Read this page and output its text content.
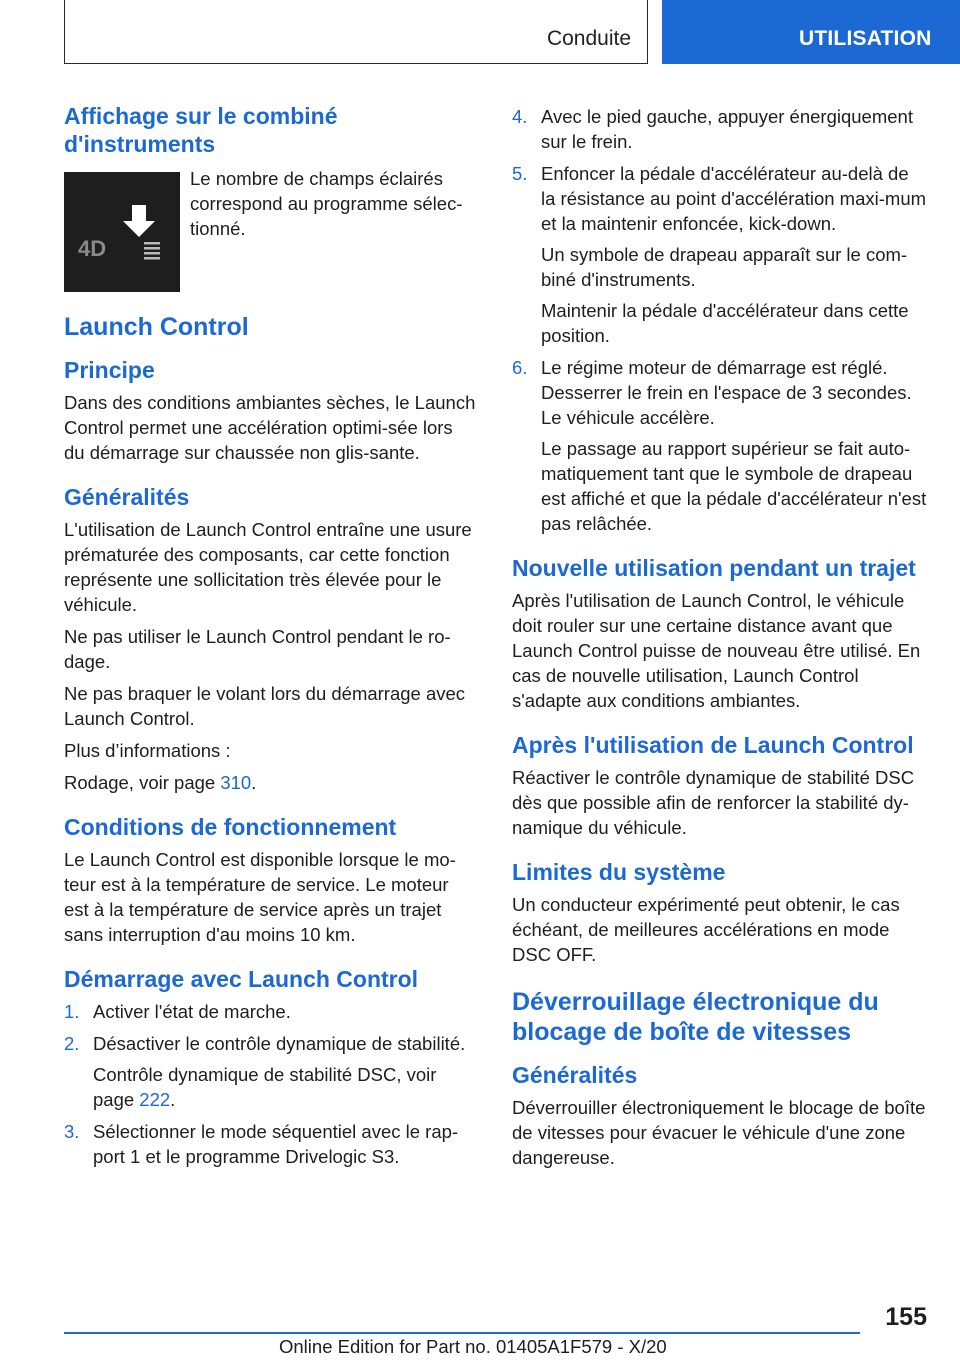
Conduite	UTILISATION
Affichage sur le combiné d'instruments
4D

Le nombre de champs éclairés correspond au programme sélec‐tionné.

Launch Control
Principe

Dans des conditions ambiantes sèches, le Launch Control permet une accélération optimi‐sée lors du démarrage sur chaussée non glis‐sante.

Généralités

L'utilisation de Launch Control entraîne une usure prématurée des composants, car cette fonction représente une sollicitation très élevée pour le véhicule.

Ne pas utiliser le Launch Control pendant le ro‐dage.

Ne pas braquer le volant lors du démarrage avec Launch Control.

Plus d’informations :

Rodage, voir page 310.

Conditions de fonctionnement

Le Launch Control est disponible lorsque le mo‐teur est à la température de service. Le moteur est à la température de service après un trajet sans interruption d'au moins 10 km.

Démarrage avec Launch Control
1. Activer l'état de marche.
2. Désactiver le contrôle dynamique de stabilité.

Contrôle dynamique de stabilité DSC, voir page 222.

3. Sélectionner le mode séquentiel avec le rap‐port 1 et le programme Drivelogic S3.
4. Avec le pied gauche, appuyer énergiquement sur le frein.
5. Enfoncer la pédale d'accélérateur au-delà de la résistance au point d'accélération maxi‐mum et la maintenir enfoncée, kick-down.

Un symbole de drapeau apparaît sur le com‐biné d'instruments.

Maintenir la pédale d'accélérateur dans cette position.

6. Le régime moteur de démarrage est réglé. Desserrer le frein en l'espace de 3 secondes. Le véhicule accélère.

Le passage au rapport supérieur se fait auto‐matiquement tant que le symbole de drapeau est affiché et que la pédale d'accélérateur n'est pas relâchée.

Nouvelle utilisation pendant un trajet

Après l'utilisation de Launch Control, le véhicule doit rouler sur une certaine distance avant que Launch Control puisse de nouveau être utilisé. En cas de nouvelle utilisation, Launch Control s'adapte aux conditions ambiantes.

Après l'utilisation de Launch Control

Réactiver le contrôle dynamique de stabilité DSC dès que possible afin de renforcer la stabilité dy‐namique du véhicule.

Limites du système

Un conducteur expérimenté peut obtenir, le cas échéant, de meilleures accélérations en mode DSC OFF.

Déverrouillage électronique du blocage de boîte de vitesses
Généralités

Déverrouiller électroniquement le blocage de boîte de vitesses pour évacuer le véhicule d'une zone dangereuse.

155
Online Edition for Part no. 01405A1F579 - X/20
